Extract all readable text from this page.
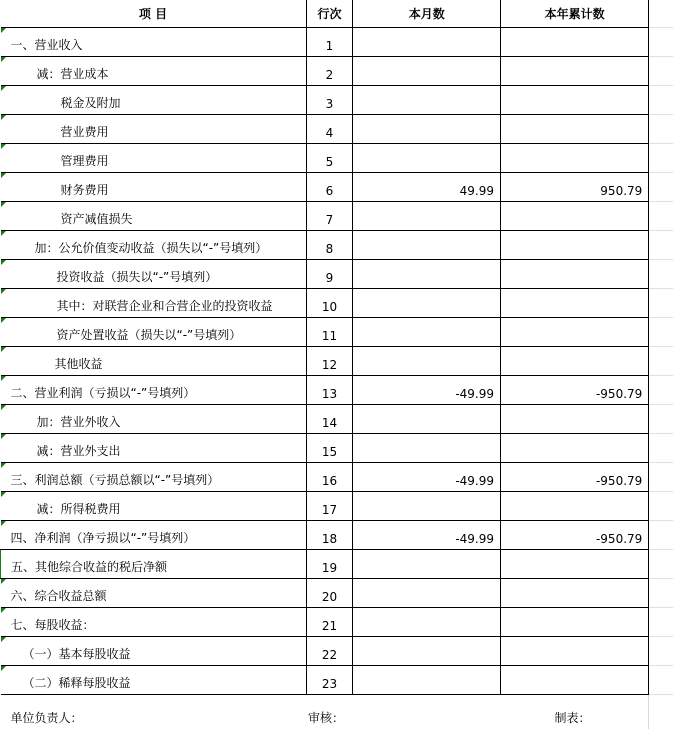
项 目	行次	本月数	本年累计数	

一、营业收入	1			

减：营业成本	2			

税金及附加	3			

营业费用	4			

管理费用	5			

财务费用	6	49.99	950.79	

资产减值损失	7			

加：公允价值变动收益（损失以“-”号填列）	8			

投资收益（损失以“-”号填列）	9			

其中：对联营企业和合营企业的投资收益	10			

资产处置收益（损失以“-”号填列）	11			

其他收益	12			

二、营业利润（亏损以“-”号填列）	13	-49.99	-950.79	

加：营业外收入	14			

减：营业外支出	15			

三、利润总额（亏损总额以“-”号填列）	16	-49.99	-950.79	

减：所得税费用	17			

四、净利润（净亏损以“-”号填列）	18	-49.99	-950.79	

五、其他综合收益的税后净额	19			

六、综合收益总额	20			

七、每股收益：	21			

（一）基本每股收益	22			

（二）稀释每股收益	23			

单位负责人：	审核：		制表：	
